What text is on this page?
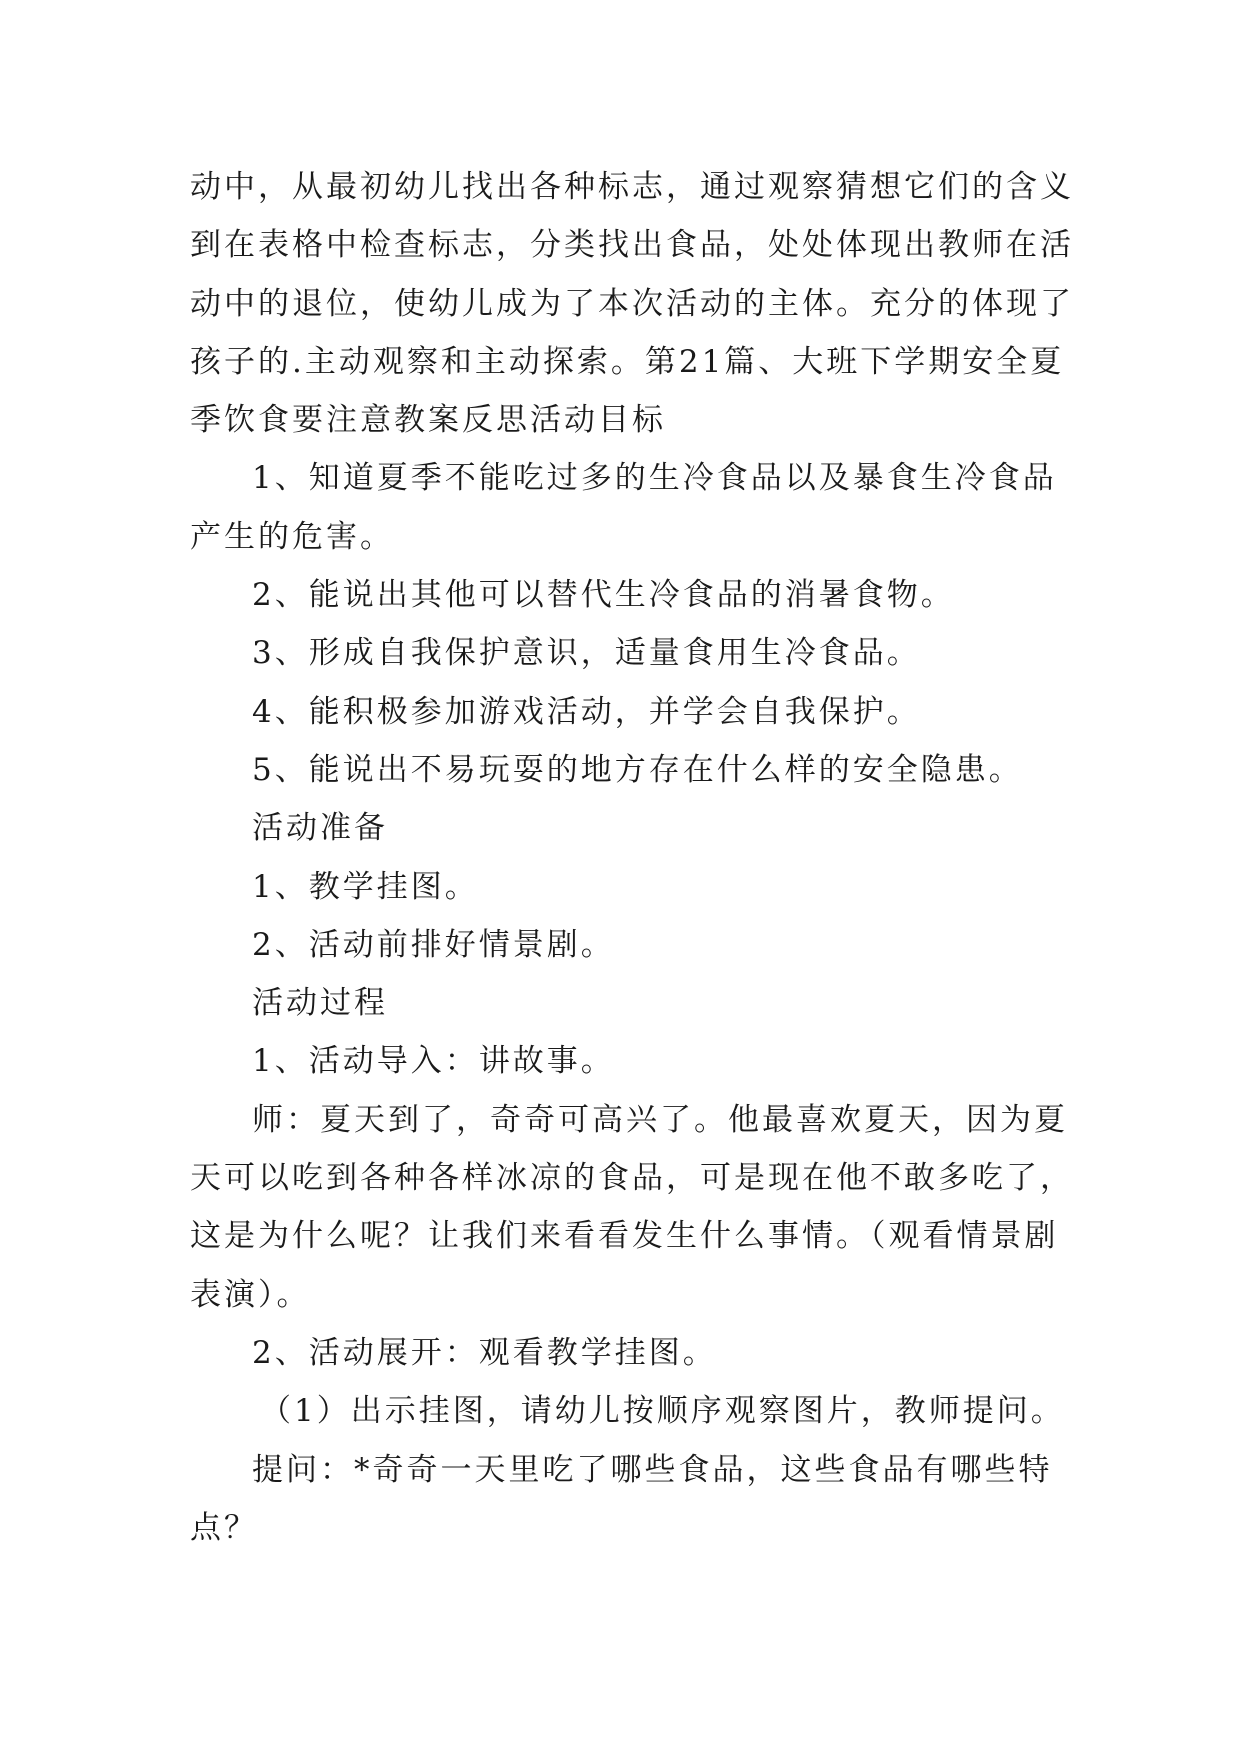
动中，从最初幼儿找出各种标志，通过观察猜想它们的含义
到在表格中检查标志，分类找出食品，处处体现出教师在活
动中的退位，使幼儿成为了本次活动的主体。充分的体现了
孩子的.主动观察和主动探索。第21篇、大班下学期安全夏
季饮食要注意教案反思活动目标
1、知道夏季不能吃过多的生冷食品以及暴食生冷食品
产生的危害。
2、能说出其他可以替代生冷食品的消暑食物。
3、形成自我保护意识，适量食用生冷食品。
4、能积极参加游戏活动，并学会自我保护。
5、能说出不易玩耍的地方存在什么样的安全隐患。
活动准备
1、教学挂图。
2、活动前排好情景剧。
活动过程
1、活动导入：讲故事。
师：夏天到了，奇奇可高兴了。他最喜欢夏天，因为夏
天可以吃到各种各样冰凉的食品，可是现在他不敢多吃了，
这是为什么呢？让我们来看看发生什么事情。（观看情景剧
表演）。
2、活动展开：观看教学挂图。
（1）出示挂图，请幼儿按顺序观察图片，教师提问。
提问：*奇奇一天里吃了哪些食品，这些食品有哪些特
点？
